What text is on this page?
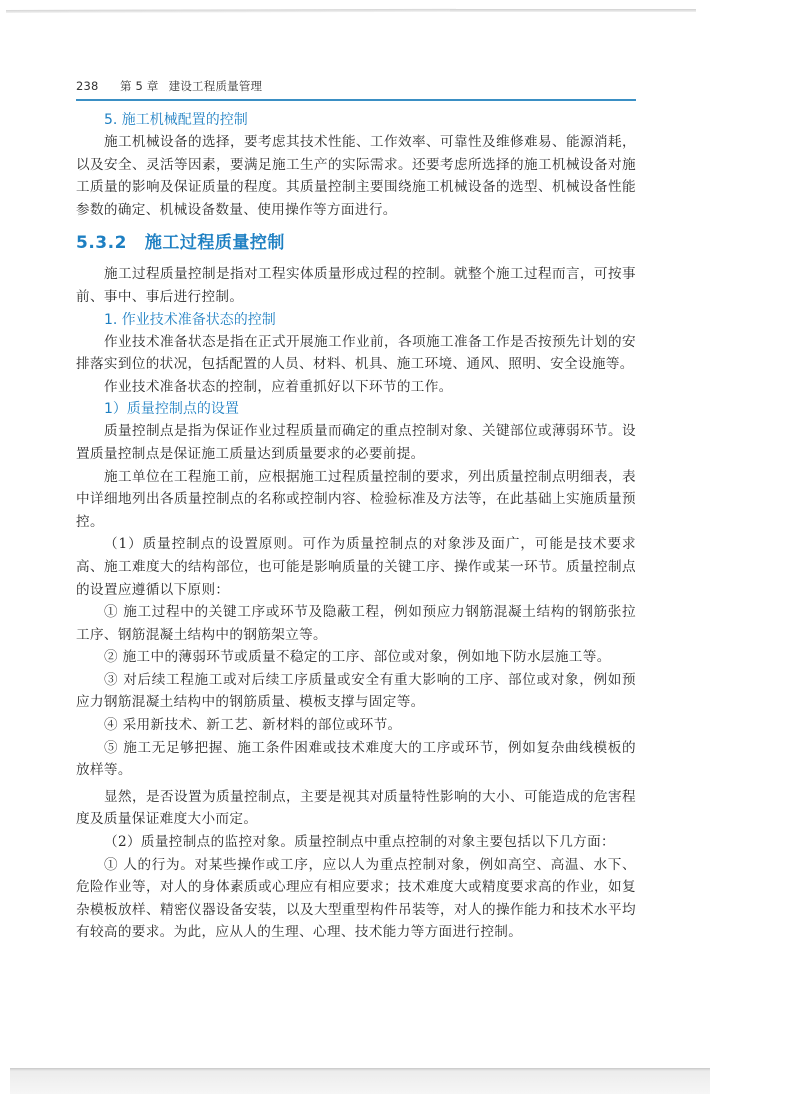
238	第 5 章 建设工程质量管理
5. 施工机械配置的控制

施工机械设备的选择，要考虑其技术性能、工作效率、可靠性及维修难易、能源消耗，以及安全、灵活等因素，要满足施工生产的实际需求。还要考虑所选择的施工机械设备对施工质量的影响及保证质量的程度。其质量控制主要围绕施工机械设备的选型、机械设备性能参数的确定、机械设备数量、使用操作等方面进行。

5.3.2 施工过程质量控制

施工过程质量控制是指对工程实体质量形成过程的控制。就整个施工过程而言，可按事前、事中、事后进行控制。

1. 作业技术准备状态的控制

作业技术准备状态是指在正式开展施工作业前，各项施工准备工作是否按预先计划的安排落实到位的状况，包括配置的人员、材料、机具、施工环境、通风、照明、安全设施等。

作业技术准备状态的控制，应着重抓好以下环节的工作。

1）质量控制点的设置

质量控制点是指为保证作业过程质量而确定的重点控制对象、关键部位或薄弱环节。设置质量控制点是保证施工质量达到质量要求的必要前提。

施工单位在工程施工前，应根据施工过程质量控制的要求，列出质量控制点明细表，表中详细地列出各质量控制点的名称或控制内容、检验标准及方法等，在此基础上实施质量预控。

（1）质量控制点的设置原则。可作为质量控制点的对象涉及面广，可能是技术要求高、施工难度大的结构部位，也可能是影响质量的关键工序、操作或某一环节。质量控制点的设置应遵循以下原则：

① 施工过程中的关键工序或环节及隐蔽工程，例如预应力钢筋混凝土结构的钢筋张拉工序、钢筋混凝土结构中的钢筋架立等。

② 施工中的薄弱环节或质量不稳定的工序、部位或对象，例如地下防水层施工等。

③ 对后续工程施工或对后续工序质量或安全有重大影响的工序、部位或对象，例如预应力钢筋混凝土结构中的钢筋质量、模板支撑与固定等。

④ 采用新技术、新工艺、新材料的部位或环节。

⑤ 施工无足够把握、施工条件困难或技术难度大的工序或环节，例如复杂曲线模板的放样等。

显然，是否设置为质量控制点，主要是视其对质量特性影响的大小、可能造成的危害程度及质量保证难度大小而定。

（2）质量控制点的监控对象。质量控制点中重点控制的对象主要包括以下几方面：

① 人的行为。对某些操作或工序，应以人为重点控制对象，例如高空、高温、水下、危险作业等，对人的身体素质或心理应有相应要求；技术难度大或精度要求高的作业，如复杂模板放样、精密仪器设备安装，以及大型重型构件吊装等，对人的操作能力和技术水平均有较高的要求。为此，应从人的生理、心理、技术能力等方面进行控制。
